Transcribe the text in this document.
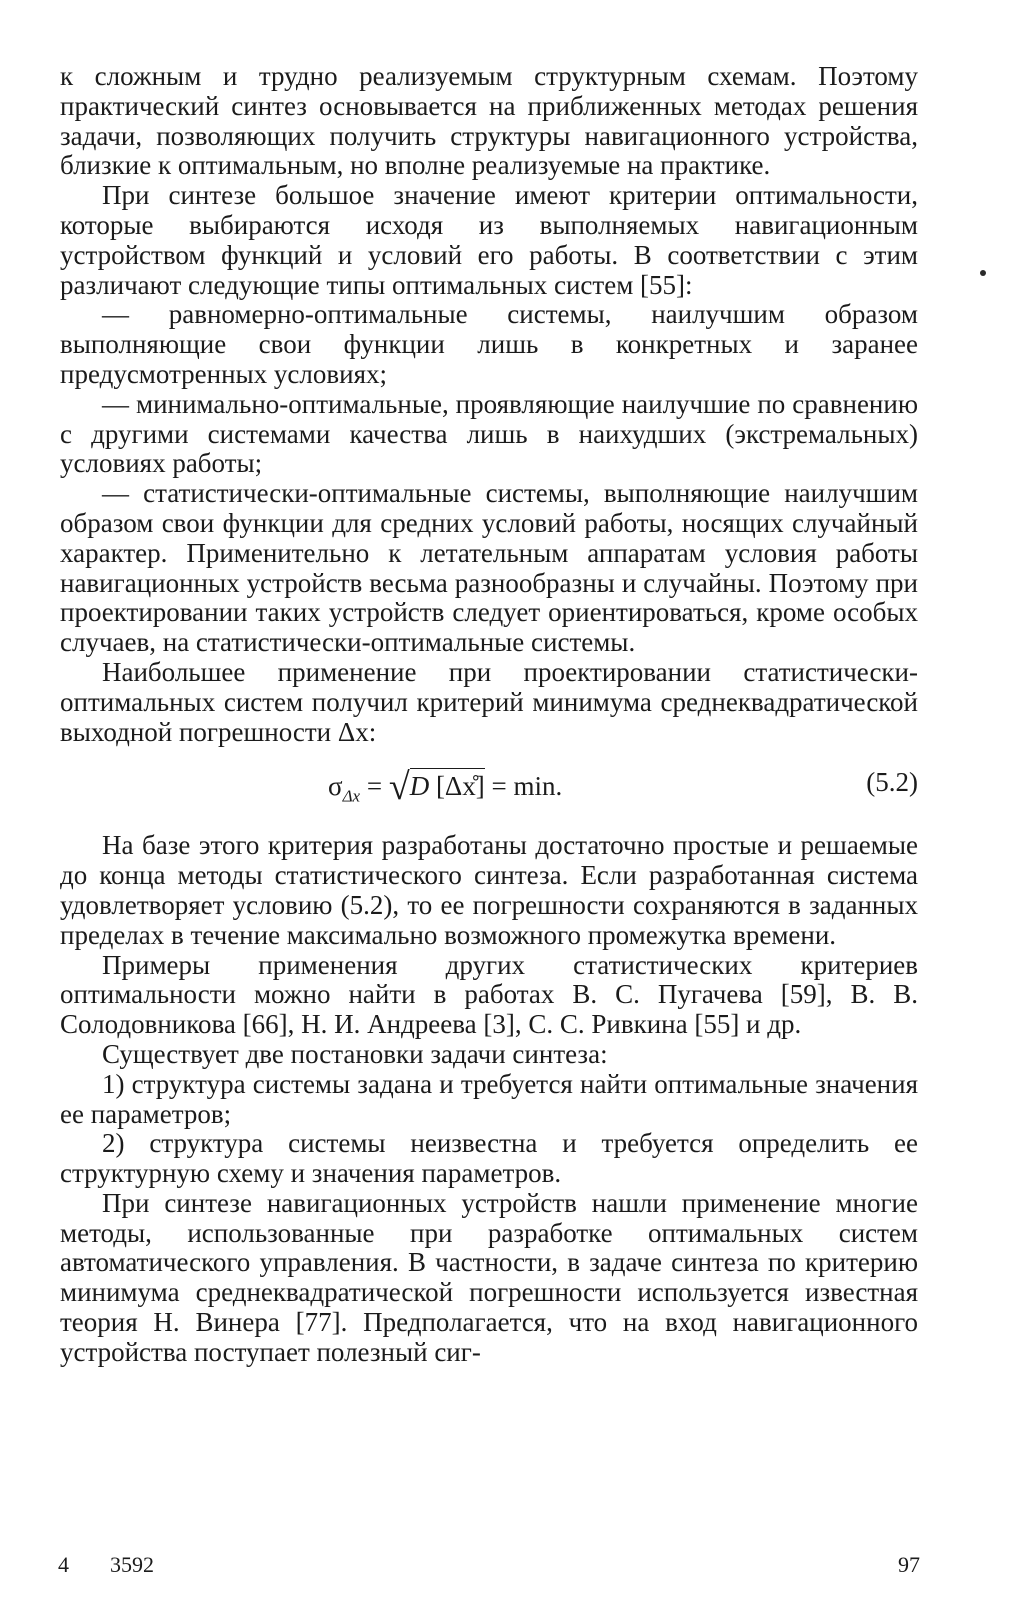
к сложным и трудно реализуемым структурным схемам. Поэтому практический синтез основывается на приближенных методах решения задачи, позволяющих получить структуры навигационного устройства, близкие к оптимальным, но вполне реализуемые на практике.

При синтезе большое значение имеют критерии оптимальности, которые выбираются исходя из выполняемых навигационным устройством функций и условий его работы. В соответствии с этим различают следующие типы оптимальных систем [55]:

— равномерно-оптимальные системы, наилучшим образом выполняющие свои функции лишь в конкретных и заранее предусмотренных условиях;

— минимально-оптимальные, проявляющие наилучшие по сравнению с другими системами качества лишь в наихудших (экстремальных) условиях работы;

— статистически-оптимальные системы, выполняющие наилучшим образом свои функции для средних условий работы, носящих случайный характер. Применительно к летательным аппаратам условия работы навигационных устройств весьма разнообразны и случайны. Поэтому при проектировании таких устройств следует ориентироваться, кроме особых случаев, на статистически-оптимальные системы.

Наибольшее применение при проектировании статистически-оптимальных систем получил критерий минимума среднеквадратической выходной погрешности Δx:

$\sigma_{\Delta x} = √D$ [Δx̊] = min.	(5.2)

На базе этого критерия разработаны достаточно простые и решаемые до конца методы статистического синтеза. Если разработанная система удовлетворяет условию (5.2), то ее погрешности сохраняются в заданных пределах в течение максимально возможного промежутка времени.

Примеры применения других статистических критериев оптимальности можно найти в работах В. С. Пугачева [59], В. В. Солодовникова [66], Н. И. Андреева [3], С. С. Ривкина [55] и др.

Существует две постановки задачи синтеза:

1) структура системы задана и требуется найти оптимальные значения ее параметров;

2) структура системы неизвестна и требуется определить ее структурную схему и значения параметров.

При синтезе навигационных устройств нашли применение многие методы, использованные при разработке оптимальных систем автоматического управления. В частности, в задаче синтеза по критерию минимума среднеквадратической погрешности используется известная теория Н. Винера [77]. Предполагается, что на вход навигационного устройства поступает полезный сиг-

4 3592	97
